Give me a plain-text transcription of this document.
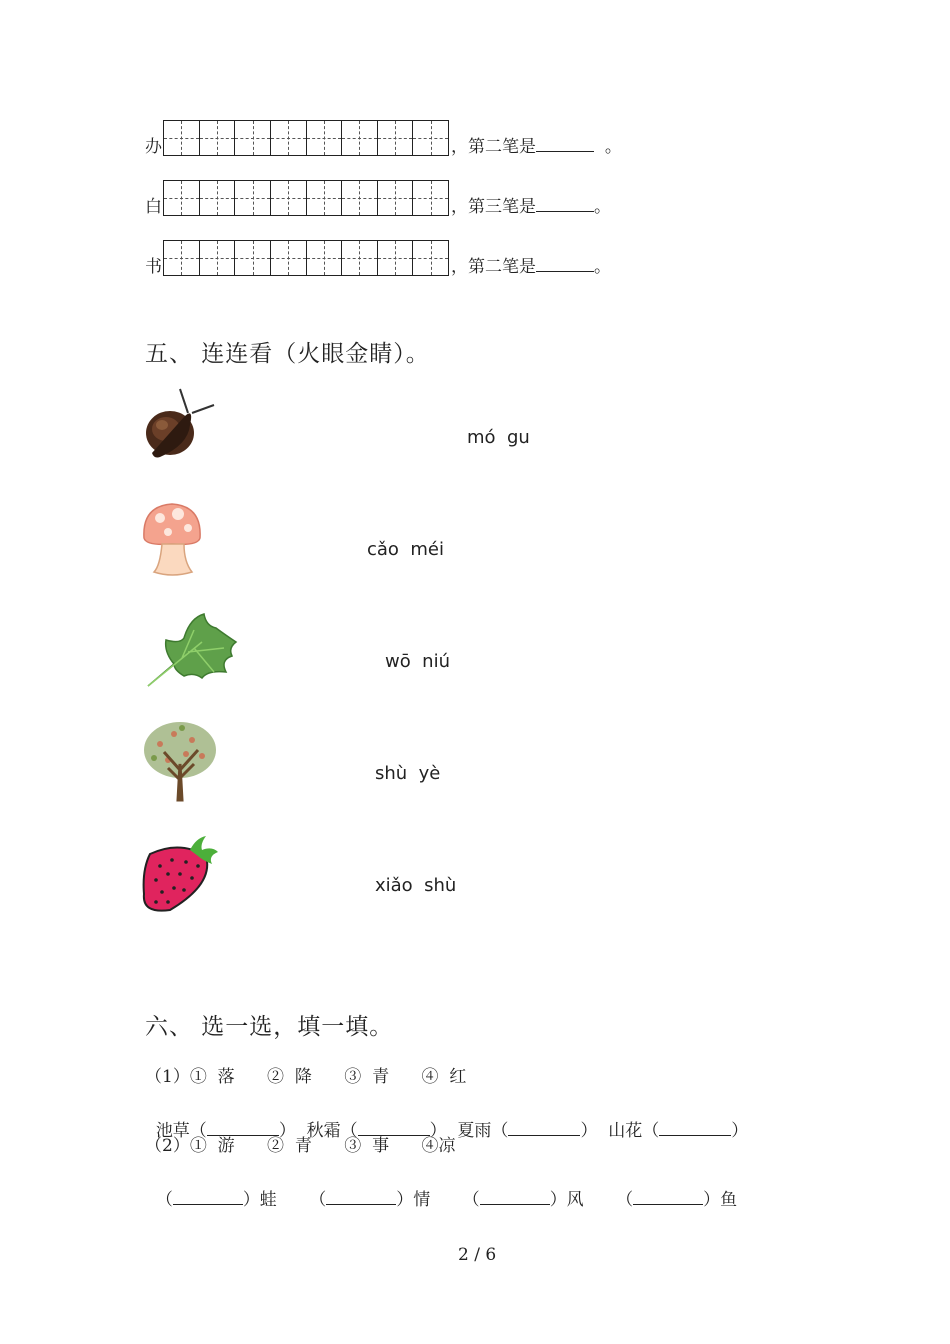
办	，第二笔是	。
白	，第三笔是	。
书	，第二笔是	。
五、 连连看（火眼金睛）。
mó  gu
cǎo  méi
wō  niú
shù  yè
xiǎo  shù
六、 选一选，填一填。
（1）①  落      ②  降      ③  青      ④  红

池草（	）  秋霜（	）  夏雨（	）  山花（	）

（2）①  游      ②  青      ③  事      ④凉

（	）蛙      （	）情      （	）风      （	）鱼

2 / 6
